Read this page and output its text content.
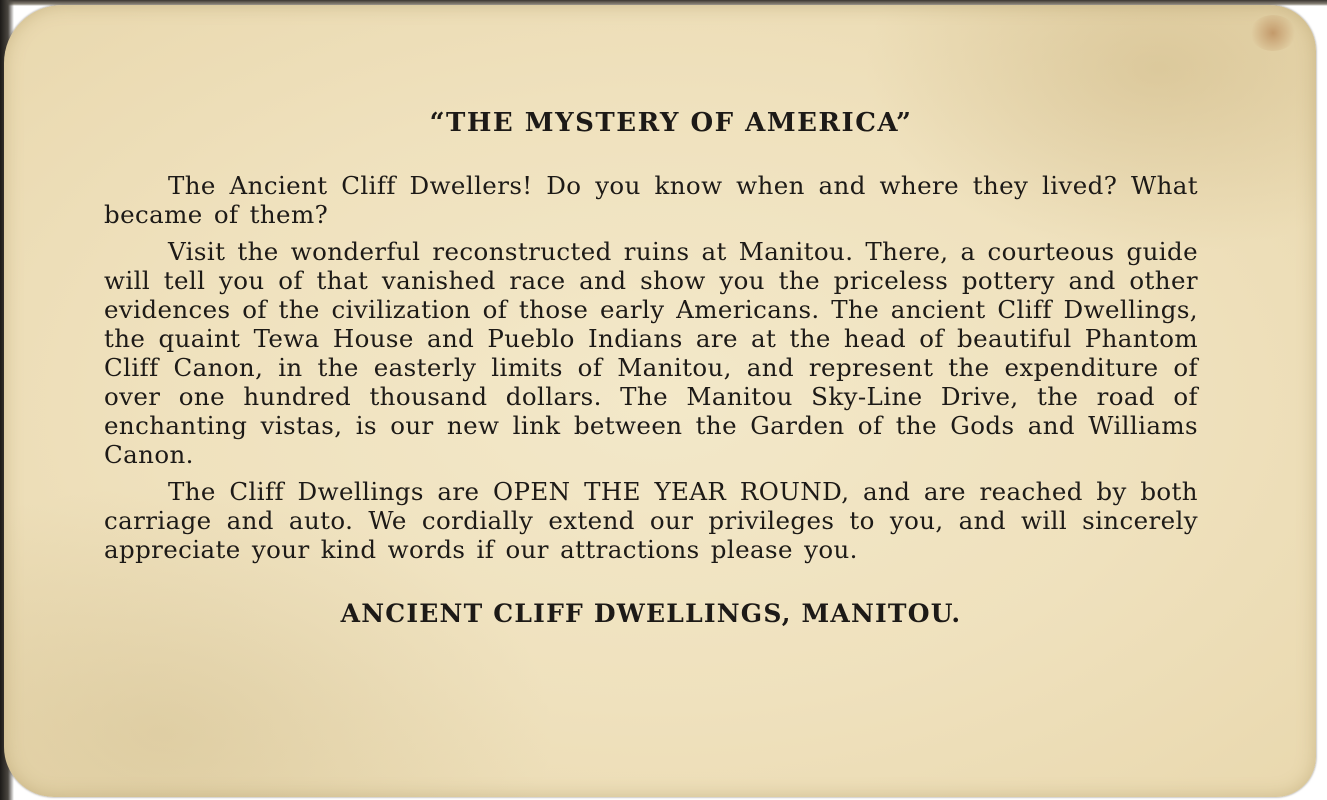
“THE MYSTERY OF AMERICA”

The Ancient Cliff Dwellers! Do you know when and where they lived? What became of them?

Visit the wonderful reconstructed ruins at Manitou. There, a courteous guide will tell you of that vanished race and show you the priceless pottery and other evidences of the civilization of those early Americans. The ancient Cliff Dwellings, the quaint Tewa House and Pueblo Indians are at the head of beautiful Phantom Cliff Canon, in the easterly limits of Manitou, and represent the expenditure of over one hundred thousand dollars. The Manitou Sky-Line Drive, the road of enchanting vistas, is our new link between the Garden of the Gods and Williams Canon.

The Cliff Dwellings are OPEN THE YEAR ROUND, and are reached by both carriage and auto. We cordially extend our privileges to you, and will sincerely appreciate your kind words if our attractions please you.

ANCIENT CLIFF DWELLINGS, MANITOU.
